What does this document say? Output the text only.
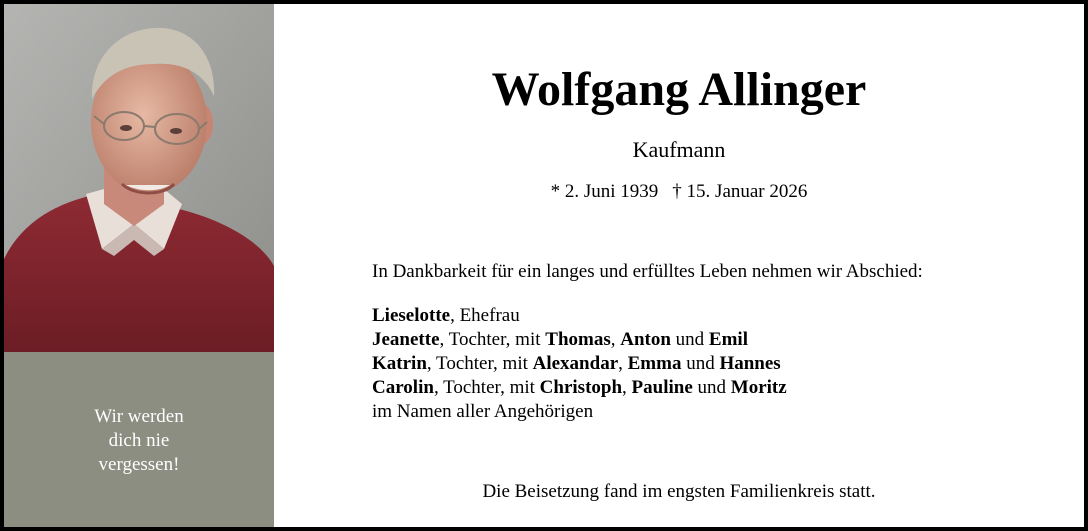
Wir werden
dich nie
vergessen!
Wolfgang Allinger
Kaufmann
* 2. Juni 1939 † 15. Januar 2026
In Dankbarkeit für ein langes und erfülltes Leben nehmen wir Abschied:
Lieselotte, Ehefrau
Jeanette, Tochter, mit Thomas, Anton und Emil
Katrin, Tochter, mit Alexandar, Emma und Hannes
Carolin, Tochter, mit Christoph, Pauline und Moritz
im Namen aller Angehörigen
Die Beisetzung fand im engsten Familienkreis statt.
